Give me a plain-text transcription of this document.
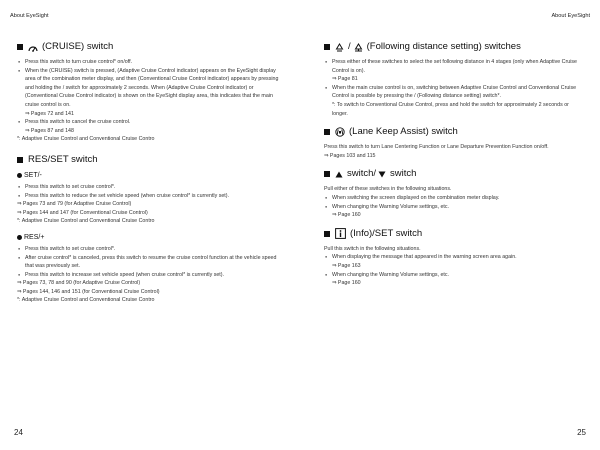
About EyeSight
(CRUISE) switch
● Press this switch to turn cruise control* on/off.
● When the (CRUISE) switch is pressed, (Adaptive Cruise Control indicator) appears on the EyeSight display area of the combination meter display, and then (Conventional Cruise Control indicator) appears by pressing and holding the / switch for approximately 2 seconds. When (Adaptive Cruise Control indicator) or (Conventional Cruise Control indicator) is shown on the EyeSight display area, this indicates that the main cruise control is on.
⇒ Pages 72 and 141
● Press this switch to cancel the cruise control.
⇒ Pages 87 and 148
*: Adaptive Cruise Control and Conventional Cruise Contro
RES/SET switch
SET/-
● Press this switch to set cruise control*.
● Press this switch to reduce the set vehicle speed (when cruise control* is currently set).
⇒ Pages 73 and 79 (for Adaptive Cruise Control)
⇒ Pages 144 and 147 (for Conventional Cruise Control)
*: Adaptive Cruise Control and Conventional Cruise Contro
RES/+
● Press this switch to set cruise control*.
● After cruise control* is canceled, press this switch to resume the cruise control function at the vehicle speed that was previously set.
● Press this switch to increase set vehicle speed (when cruise control* is currently set).
⇒ Pages 73, 78 and 90 (for Adaptive Cruise Control)
⇒ Pages 144, 146 and 151 (for Conventional Cruise Control)
*: Adaptive Cruise Control and Conventional Cruise Contro
24
About EyeSight
/ (Following distance setting) switches
● Press either of these switches to select the set following distance in 4 stages (only when Adaptive Cruise Control is on).
⇒ Page 81
● When the main cruise control is on, switching between Adaptive Cruise Control and Conventional Cruise Control is possible by pressing the / (Following distance setting) switch*.
*: To switch to Conventional Cruise Control, press and hold the switch for approximately 2 seconds or longer.
(Lane Keep Assist) switch
Press this switch to turn Lane Centering Function or Lane Departure Prevention Function on/off.
⇒ Pages 103 and 115
switch/ switch
Pull either of these switches in the following situations.
● When switching the screen displayed on the combination meter display.
● When changing the Warning Volume settings, etc.
⇒ Page 160
(Info)/SET switch
Pull this switch in the following situations.
● When displaying the message that appeared in the warning screen area again.
⇒ Page 163
● When changing the Warning Volume settings, etc.
⇒ Page 160
25
